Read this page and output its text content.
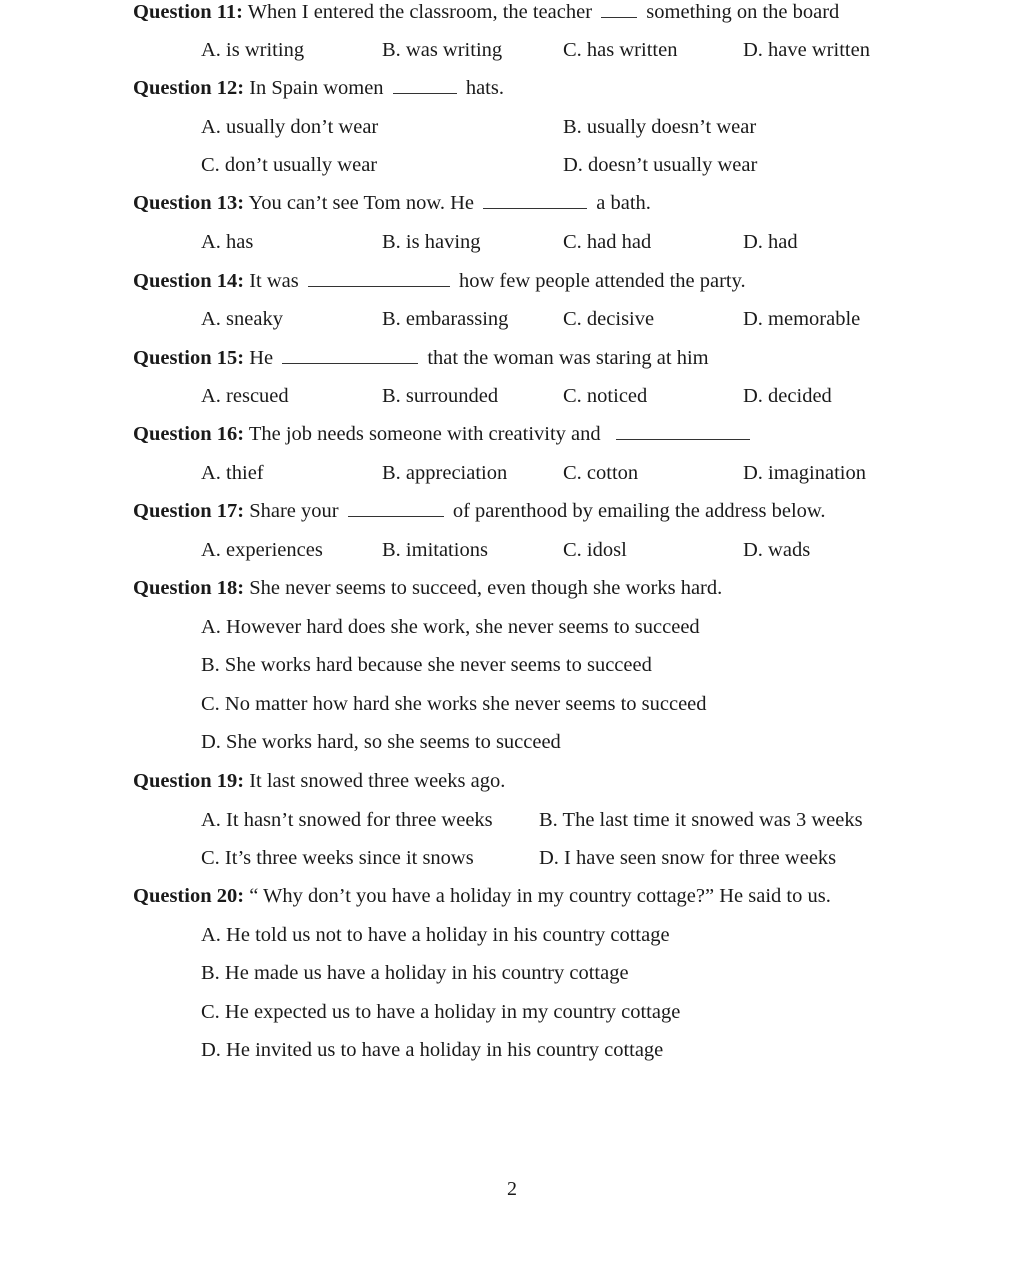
Question 11: When I entered the classroom, the teacher	something on the board
A. is writing	B. was writing	C. has written	D. have written
Question 12: In Spain women	hats.
A. usually don’t wear	B. usually doesn’t wear
C. don’t usually wear	D. doesn’t usually wear
Question 13: You can’t see Tom now. He	a bath.
A. has	B. is having	C. had had	D. had
Question 14: It was	how few people attended the party.
A. sneaky	B. embarassing	C. decisive	D. memorable
Question 15: He	that the woman was staring at him
A. rescued	B. surrounded	C. noticed	D. decided
Question 16: The job needs someone with creativity and
A. thief	B. appreciation	C. cotton	D. imagination
Question 17: Share your	of parenthood by emailing the address below.
A. experiences	B. imitations	C. idosl	D. wads
Question 18: She never seems to succeed, even though she works hard.
A. However hard does she work, she never seems to succeed
B. She works hard because she never seems to succeed
C. No matter how hard she works she never seems to succeed
D. She works hard, so she seems to succeed
Question 19: It last snowed three weeks ago.
A. It hasn’t snowed for three weeks B. The last time it snowed was 3 weeks
C. It’s three weeks since it snows	D. I have seen snow for three weeks
Question 20: “ Why don’t you have a holiday in my country cottage?” He said to us.
A. He told us not to have a holiday in his country cottage
B. He made us have a holiday in his country cottage
C. He expected us to have a holiday in my country cottage
D. He invited us to have a holiday in his country cottage
2
